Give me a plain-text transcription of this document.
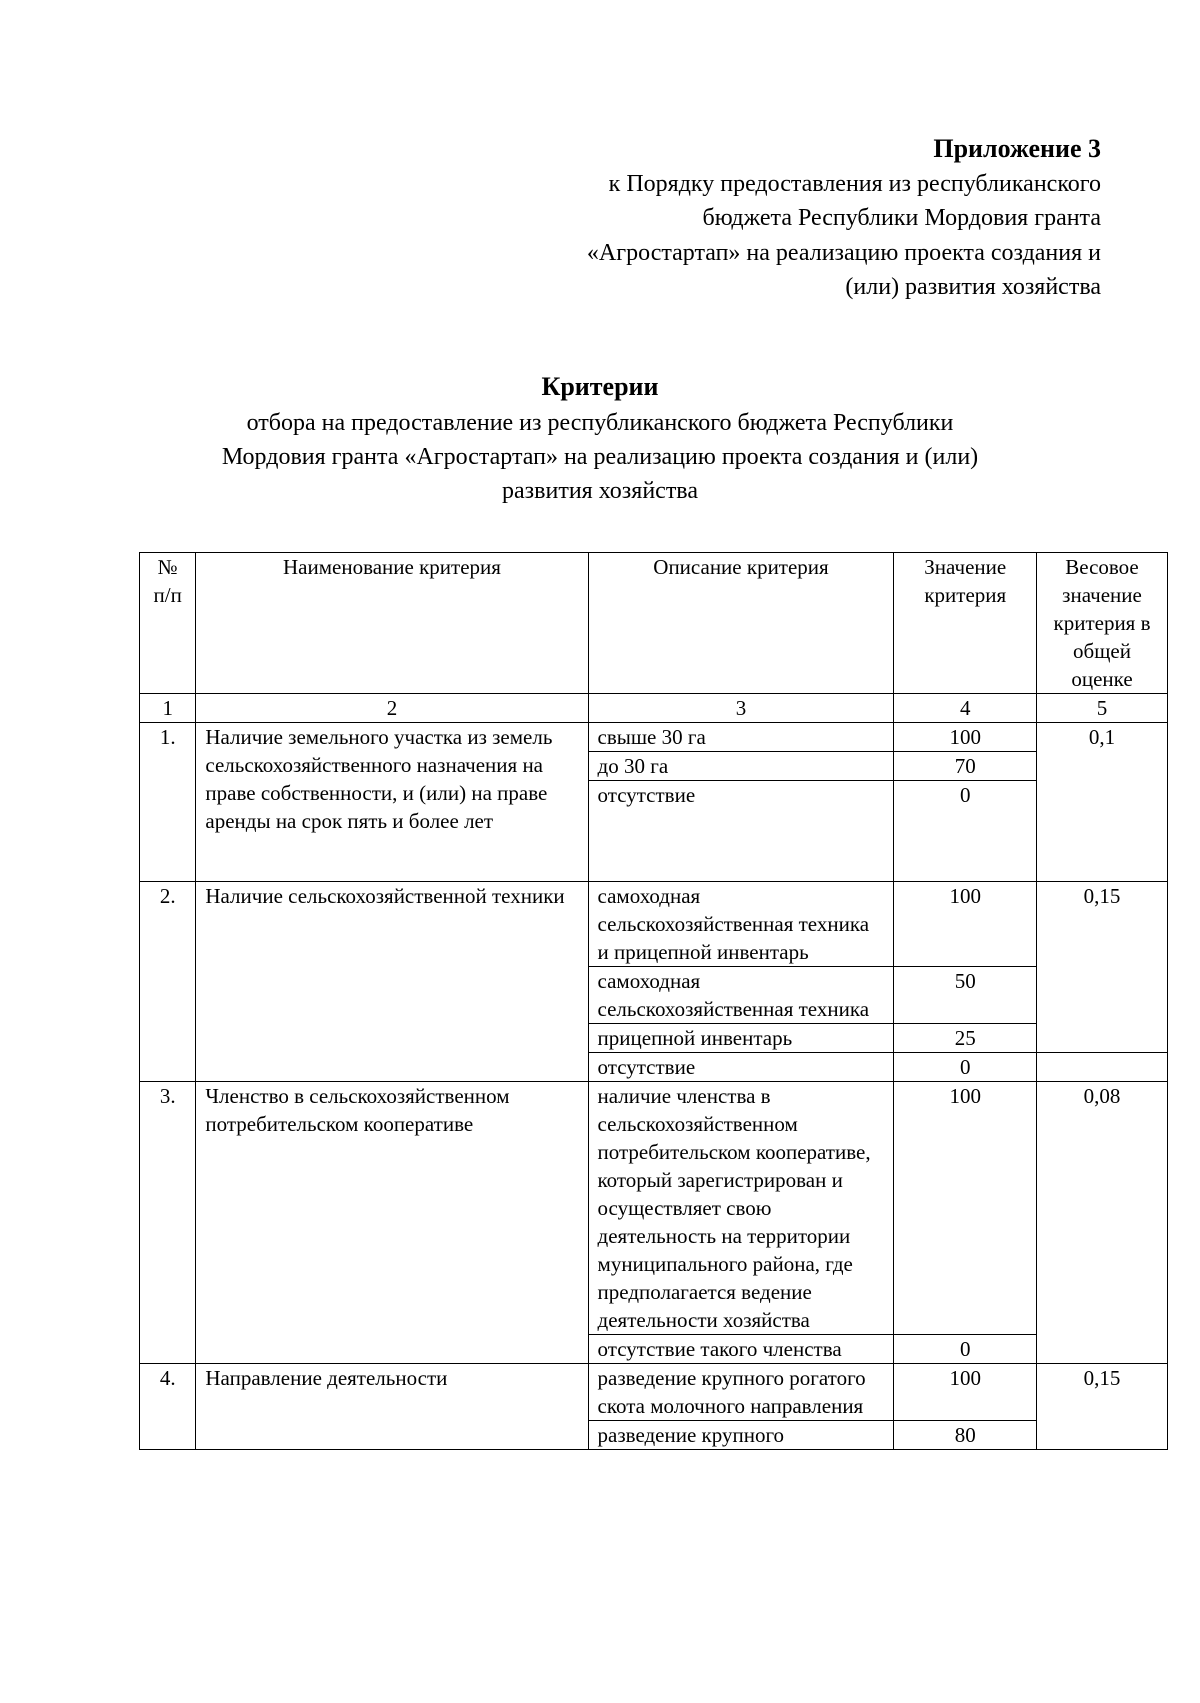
Приложение 3
к Порядку предоставления из республиканского
бюджета Республики Мордовия гранта
«Агростартап» на реализацию проекта создания и
(или) развития хозяйства
Критерии
отбора на предоставление из республиканского бюджета Республики
Мордовия гранта «Агростартап» на реализацию проекта создания и (или)
развития хозяйства
№ п/п	Наименование критерия	Описание критерия	Значение критерия	Весовое значение критерия в общей оценке
1	2	3	4	5
1.	Наличие земельного участка из земель сельскохозяйственного назначения на праве собственности, и (или) на праве аренды на срок пять и более лет	свыше 30 га	100	0,1
		до 30 га	70	
		отсутствие	0	
2.	Наличие сельскохозяйственной техники	самоходная сельскохозяйственная техника и прицепной инвентарь	100	0,15
		самоходная сельскохозяйственная техника	50	
		прицепной инвентарь	25	
		отсутствие	0	
3.	Членство в сельскохозяйственном потребительском кооперативе	наличие членства в сельскохозяйственном потребительском кооперативе, который зарегистрирован и осуществляет свою деятельность на территории муниципального района, где предполагается ведение деятельности хозяйства	100	0,08
		отсутствие такого членства	0	
4.	Направление деятельности	разведение крупного рогатого скота молочного направления	100	0,15
		разведение крупного	80	
